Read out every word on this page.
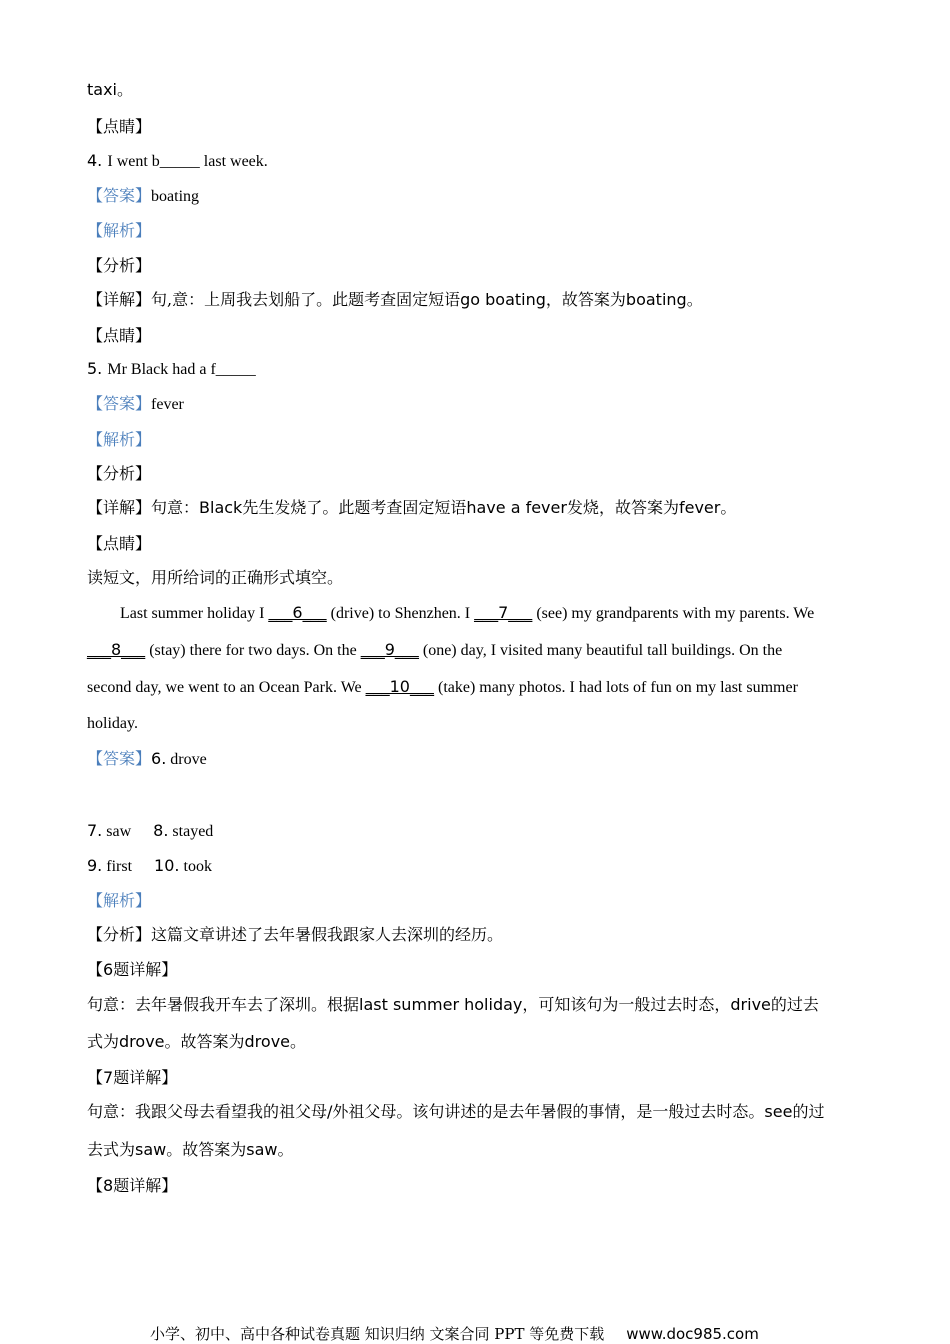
taxi。
【点睛】
4. I went b_____ last week.
【答案】boating
【解析】
【分析】
【详解】句,意：上周我去划船了。此题考查固定短语go boating，故答案为boating。
【点睛】
5. Mr Black had a f_____
【答案】fever
【解析】
【分析】
【详解】句意：Black先生发烧了。此题考查固定短语have a fever发烧，故答案为fever。
【点睛】
读短文，用所给词的正确形式填空。
Last summer holiday I ___6___ (drive) to Shenzhen. I ___7___ (see) my grandparents with my parents. We
___8___ (stay) there for two days. On the ___9___ (one) day, I visited many beautiful tall buildings. On the
second day, we went to an Ocean Park. We ___10___ (take) many photos. I had lots of fun on my last summer
holiday.
【答案】6. drove
7. saw 8. stayed
9. first 10. took
【解析】
【分析】这篇文章讲述了去年暑假我跟家人去深圳的经历。
【6题详解】
句意：去年暑假我开车去了深圳。根据last summer holiday，可知该句为一般过去时态，drive的过去
式为drove。故答案为drove。
【7题详解】
句意：我跟父母去看望我的祖父母/外祖父母。该句讲述的是去年暑假的事情，是一般过去时态。see的过
去式为saw。故答案为saw。
【8题详解】
小学、初中、高中各种试卷真题 知识归纳 文案合同 PPT 等免费下载 www.doc985.com
